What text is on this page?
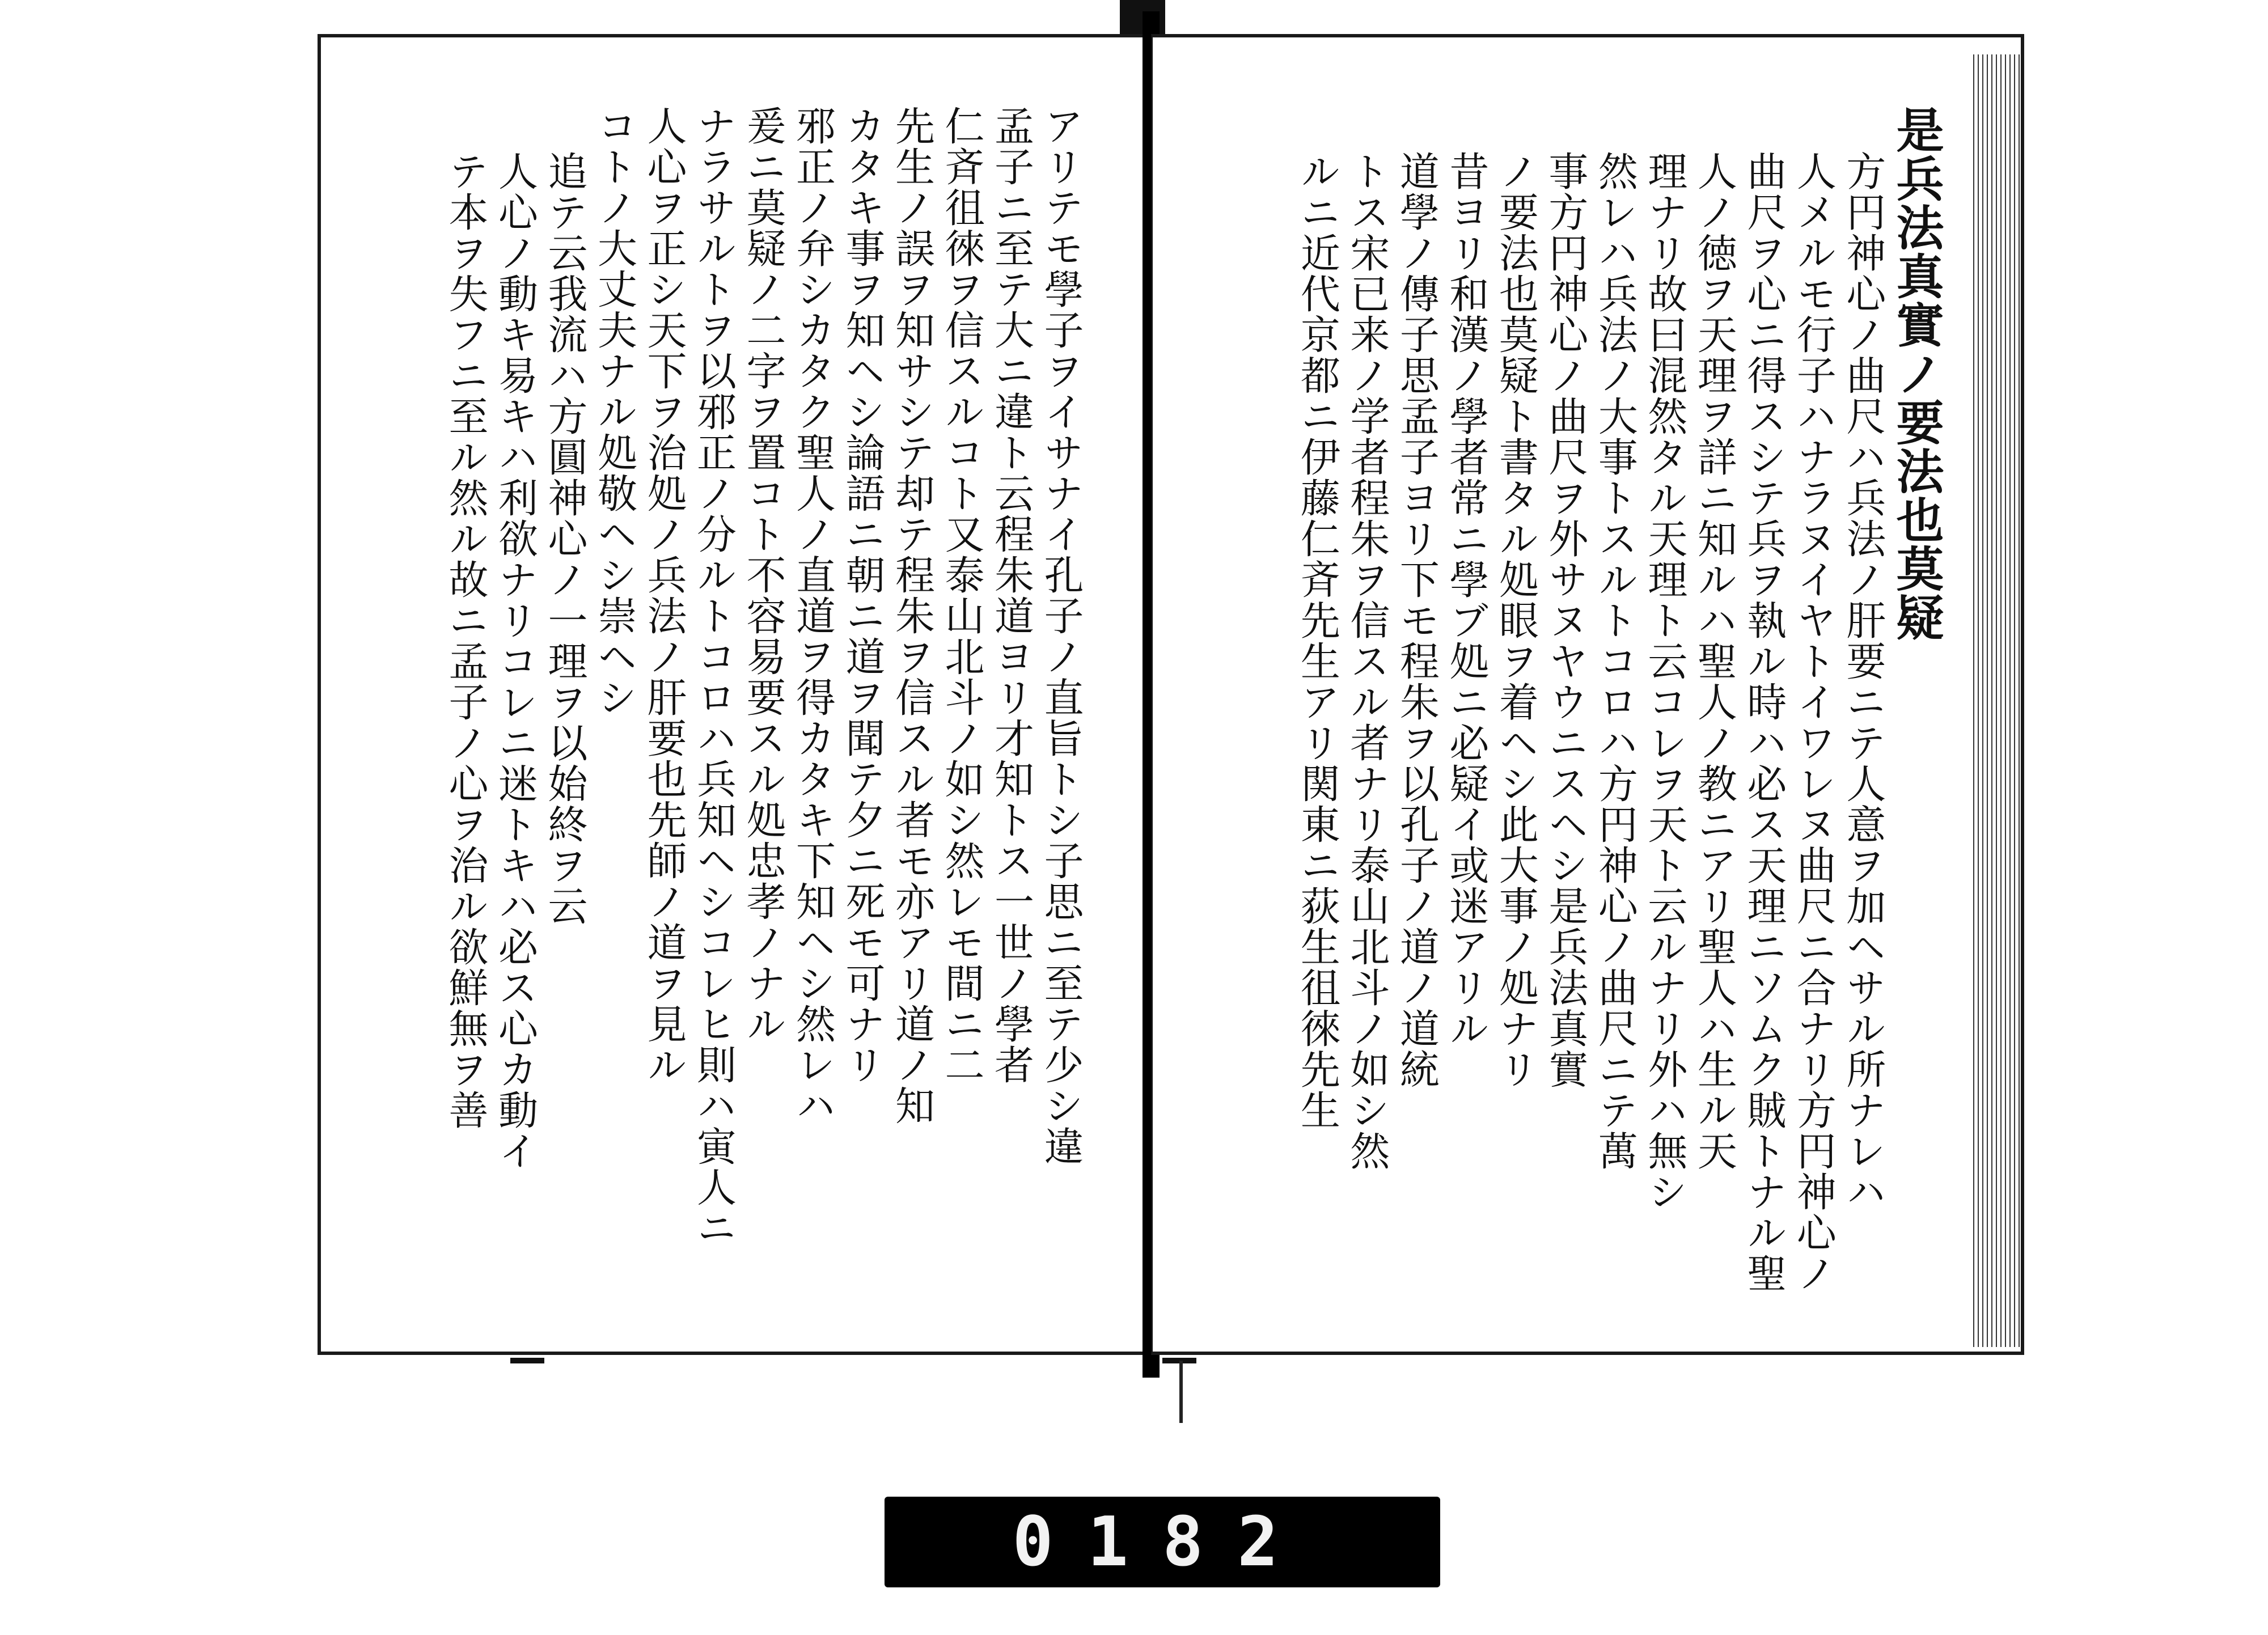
アリテモ學子ヲイサナイ孔子ノ直旨トシ子思ニ至テ少シ違
孟子ニ至テ大ニ違ト云程朱道ヨリ才知トス一世ノ學者
仁斉徂徠ヲ信スルコト又泰山北斗ノ如シ然レモ間ニ二
先生ノ誤ヲ知サシテ却テ程朱ヲ信スル者モ亦アリ道ノ知
カタキ事ヲ知ヘシ論語ニ朝ニ道ヲ聞テ夕ニ死モ可ナリ
邪正ノ弁シカタク聖人ノ直道ヲ得カタキ下知ヘシ然レハ
爰ニ莫疑ノ二字ヲ置コト不容易要スル処忠孝ノナル
ナラサルトヲ以邪正ノ分ルトコロハ兵知ヘシコレヒ則ハ寅人ニ
人心ヲ正シ天下ヲ治処ノ兵法ノ肝要也先師ノ道ヲ見ル
コトノ大丈夫ナル処敬ヘシ崇ヘシ
追テ云我流ハ方圓神心ノ一理ヲ以始終ヲ云
人心ノ動キ易キハ利欲ナリコレニ迷トキハ必ス心カ動イ
テ本ヲ失フニ至ル然ル故ニ孟子ノ心ヲ治ル欲鮮無ヲ善	是兵法真實ノ要法也莫疑
方円神心ノ曲尺ハ兵法ノ肝要ニテ人意ヲ加ヘサル所ナレハ
人メルモ行子ハナラヌイヤトイワレヌ曲尺ニ合ナリ方円神心ノ
曲尺ヲ心ニ得スシテ兵ヲ執ル時ハ必ス天理ニソムク賊トナル聖
人ノ徳ヲ天理ヲ詳ニ知ルハ聖人ノ教ニアリ聖人ハ生ル天
理ナリ故曰混然タル天理ト云コレヲ天ト云ルナリ外ハ無シ
然レハ兵法ノ大事トスルトコロハ方円神心ノ曲尺ニテ萬
事方円神心ノ曲尺ヲ外サヌヤウニスヘシ是兵法真實
ノ要法也莫疑ト書タル処眼ヲ着ヘシ此大事ノ処ナリ
昔ヨリ和漢ノ學者常ニ學ブ処ニ必疑イ或迷アリル
道學ノ傳子思孟子ヨリ下モ程朱ヲ以孔子ノ道ノ道統
トス宋已来ノ学者程朱ヲ信スル者ナリ泰山北斗ノ如シ然
ルニ近代京都ニ伊藤仁斉先生アリ関東ニ荻生徂徠先生
0182
